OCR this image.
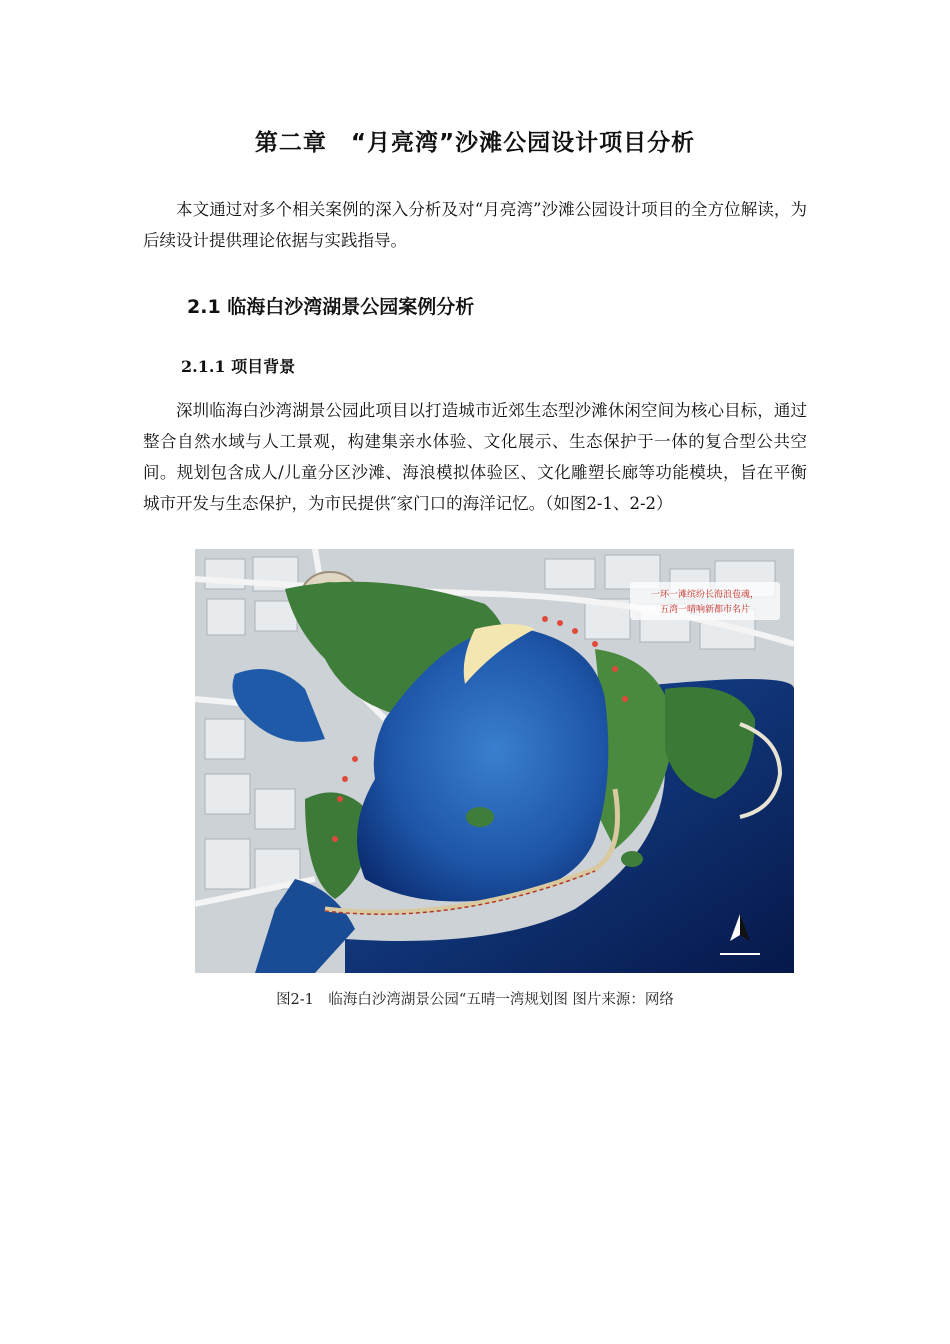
第二章　“月亮湾”沙滩公园设计项目分析

本文通过对多个相关案例的深入分析及对“月亮湾”沙滩公园设计项目的全方位解读，为后续设计提供理论依据与实践指导。

2.1 临海白沙湾湖景公园案例分析
2.1.1 项目背景

深圳临海白沙湾湖景公园此项目以打造城市近郊生态型沙滩休闲空间为核心目标，通过整合自然水域与人工景观，构建集亲水体验、文化展示、生态保护于一体的复合型公共空间。规划包含成人/儿童分区沙滩、海浪模拟体验区、文化雕塑长廊等功能模块，旨在平衡城市开发与生态保护，为市民提供″家门口的海洋记忆。（如图2-1、2-2）

一环一滩缤纷长海浪苞魂，
五湾一晴响新都市名片

图2-1　临海白沙湾湖景公园“五晴一湾规划图 图片来源：网络
